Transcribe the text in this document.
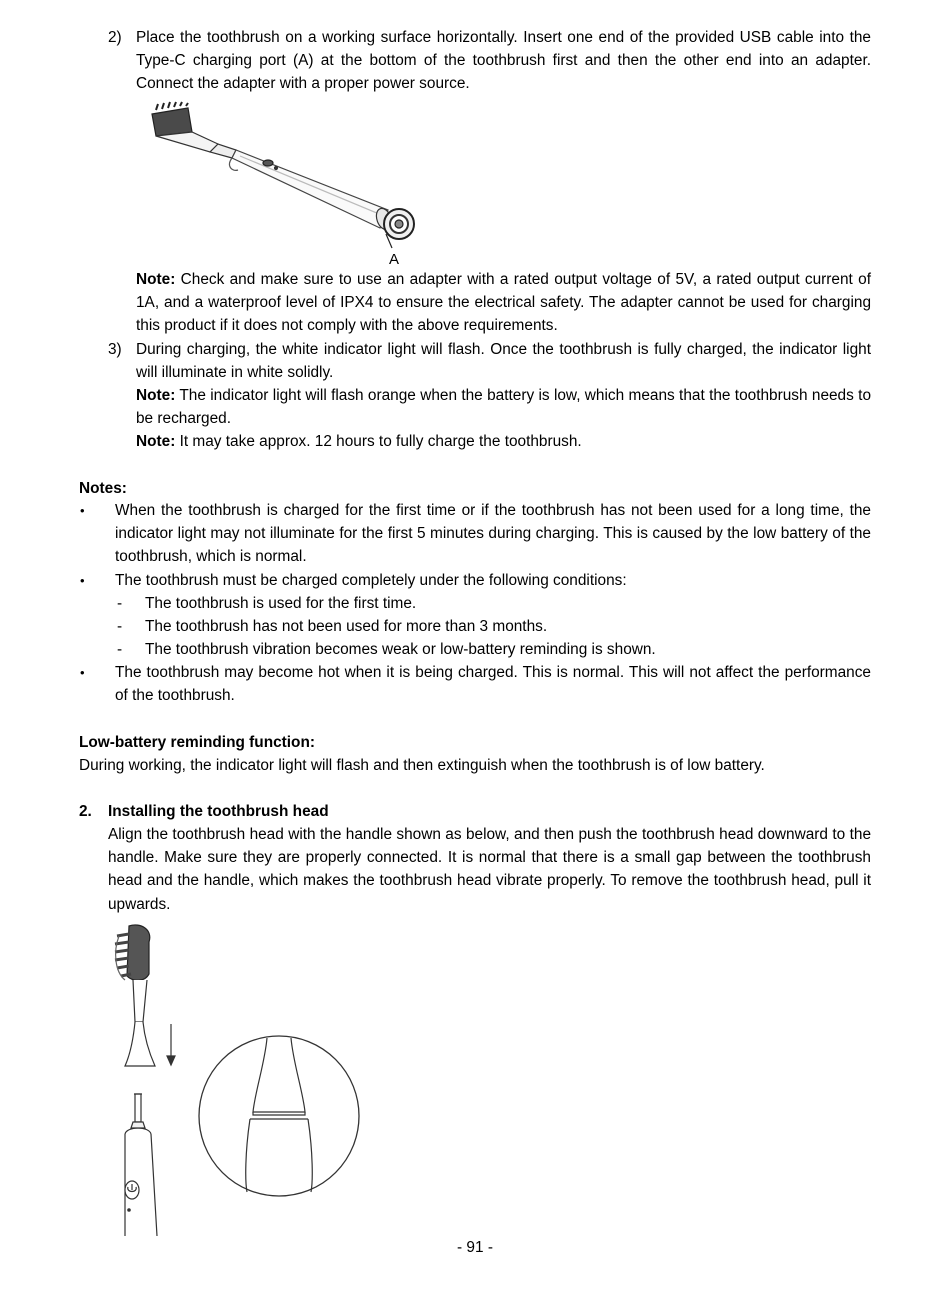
2) Place the toothbrush on a working surface horizontally. Insert one end of the provided USB cable into the Type-C charging port (A) at the bottom of the toothbrush first and then the other end into an adapter. Connect the adapter with a proper power source.
A
Note: Check and make sure to use an adapter with a rated output voltage of 5V, a rated output current of 1A, and a waterproof level of IPX4 to ensure the electrical safety. The adapter cannot be used for charging this product if it does not comply with the above requirements.
3) During charging, the white indicator light will flash. Once the toothbrush is fully charged, the indicator light will illuminate in white solidly.
Note: The indicator light will flash orange when the battery is low, which means that the toothbrush needs to be recharged.
Note: It may take approx. 12 hours to fully charge the toothbrush.
Notes:
• When the toothbrush is charged for the first time or if the toothbrush has not been used for a long time, the indicator light may not illuminate for the first 5 minutes during charging. This is caused by the low battery of the toothbrush, which is normal.
• The toothbrush must be charged completely under the following conditions:
- The toothbrush is used for the first time.
- The toothbrush has not been used for more than 3 months.
- The toothbrush vibration becomes weak or low-battery reminding is shown.
• The toothbrush may become hot when it is being charged. This is normal. This will not affect the performance of the toothbrush.
Low-battery reminding function:
During working, the indicator light will flash and then extinguish when the toothbrush is of low battery.
2. Installing the toothbrush head
Align the toothbrush head with the handle shown as below, and then push the toothbrush head downward to the handle. Make sure they are properly connected. It is normal that there is a small gap between the toothbrush head and the handle, which makes the toothbrush head vibrate properly. To remove the toothbrush head, pull it upwards.
- 91 -
